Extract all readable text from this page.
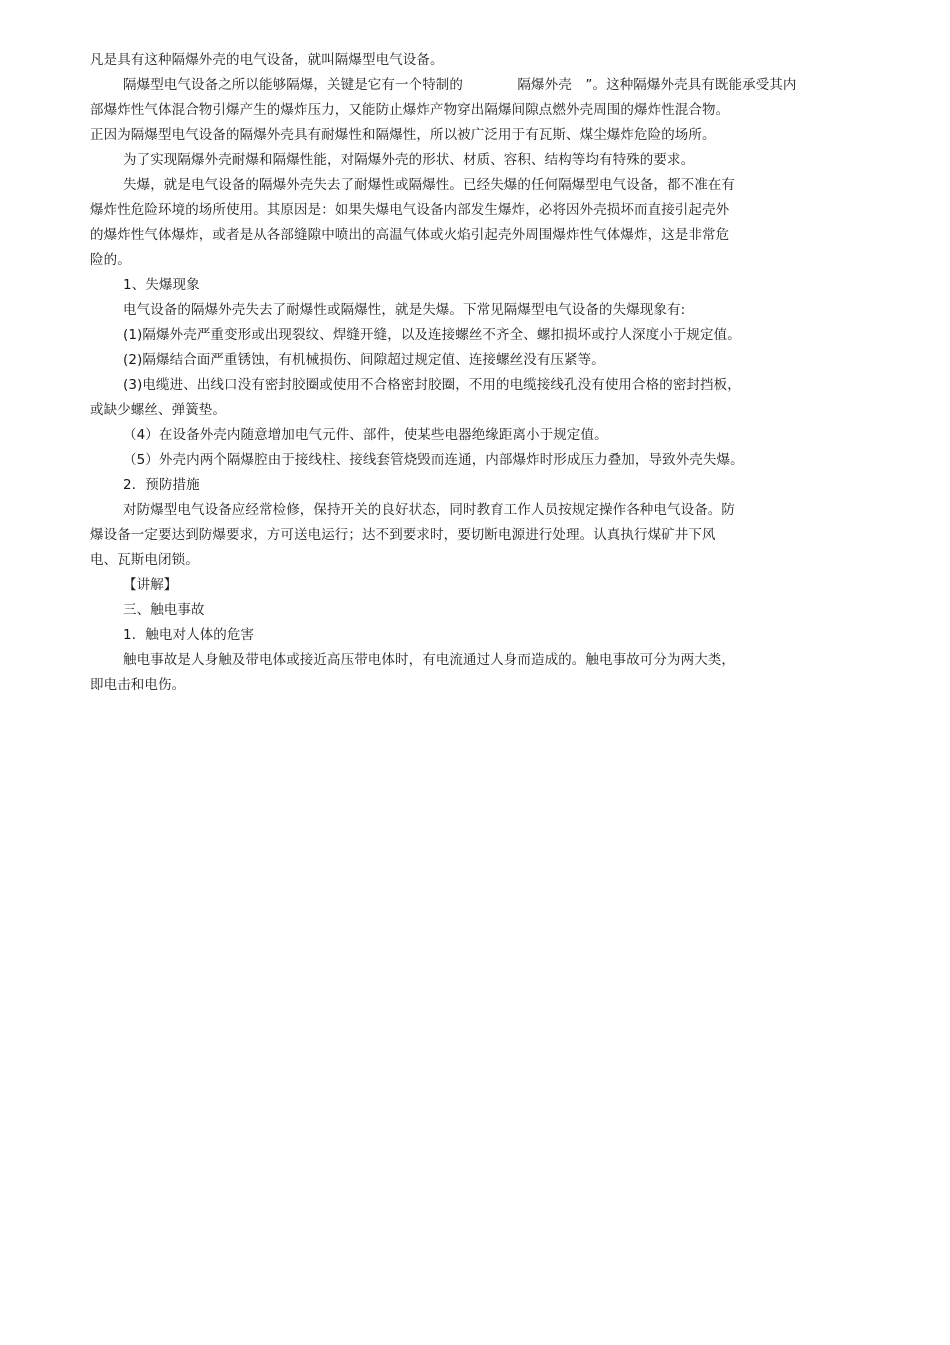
凡是具有这种隔爆外壳的电气设备，就叫隔爆型电气设备。
隔爆型电气设备之所以能够隔爆，关键是它有一个特制的　　　　隔爆外壳　”。这种隔爆外壳具有既能承受其内
部爆炸性气体混合物引爆产生的爆炸压力，又能防止爆炸产物穿出隔爆间隙点燃外壳周围的爆炸性混合物。
正因为隔爆型电气设备的隔爆外壳具有耐爆性和隔爆性，所以被广泛用于有瓦斯、煤尘爆炸危险的场所。
为了实现隔爆外壳耐爆和隔爆性能，对隔爆外壳的形状、材质、容积、结构等均有特殊的要求。
失爆，就是电气设备的隔爆外壳失去了耐爆性或隔爆性。已经失爆的任何隔爆型电气设备，都不准在有
爆炸性危险环境的场所使用。其原因是：如果失爆电气设备内部发生爆炸，必将因外壳损坏而直接引起壳外
的爆炸性气体爆炸，或者是从各部缝隙中喷出的高温气体或火焰引起壳外周围爆炸性气体爆炸，这是非常危
险的。
1、失爆现象
电气设备的隔爆外壳失去了耐爆性或隔爆性，就是失爆。下常见隔爆型电气设备的失爆现象有:
(1)隔爆外壳严重变形或出现裂纹、焊缝开缝，以及连接螺丝不齐全、螺扣损坏或拧人深度小于规定值。
(2)隔爆结合面严重锈蚀，有机械损伤、间隙超过规定值、连接螺丝没有压紧等。
(3)电缆进、出线口没有密封胶圈或使用不合格密封胶圈，不用的电缆接线孔没有使用合格的密封挡板，
或缺少螺丝、弹簧垫。
（4）在设备外壳内随意增加电气元件、部件，使某些电器绝缘距离小于规定值。
（5）外壳内两个隔爆腔由于接线柱、接线套管烧毁而连通，内部爆炸时形成压力叠加，导致外壳失爆。
2．预防措施
对防爆型电气设备应经常检修，保持开关的良好状态，同时教育工作人员按规定操作各种电气设备。防
爆设备一定要达到防爆要求，方可送电运行；达不到要求时，要切断电源进行处理。认真执行煤矿井下风
电、瓦斯电闭锁。
【讲解】
三、触电事故
1．触电对人体的危害
触电事故是人身触及带电体或接近高压带电体时，有电流通过人身而造成的。触电事故可分为两大类，
即电击和电伤。
